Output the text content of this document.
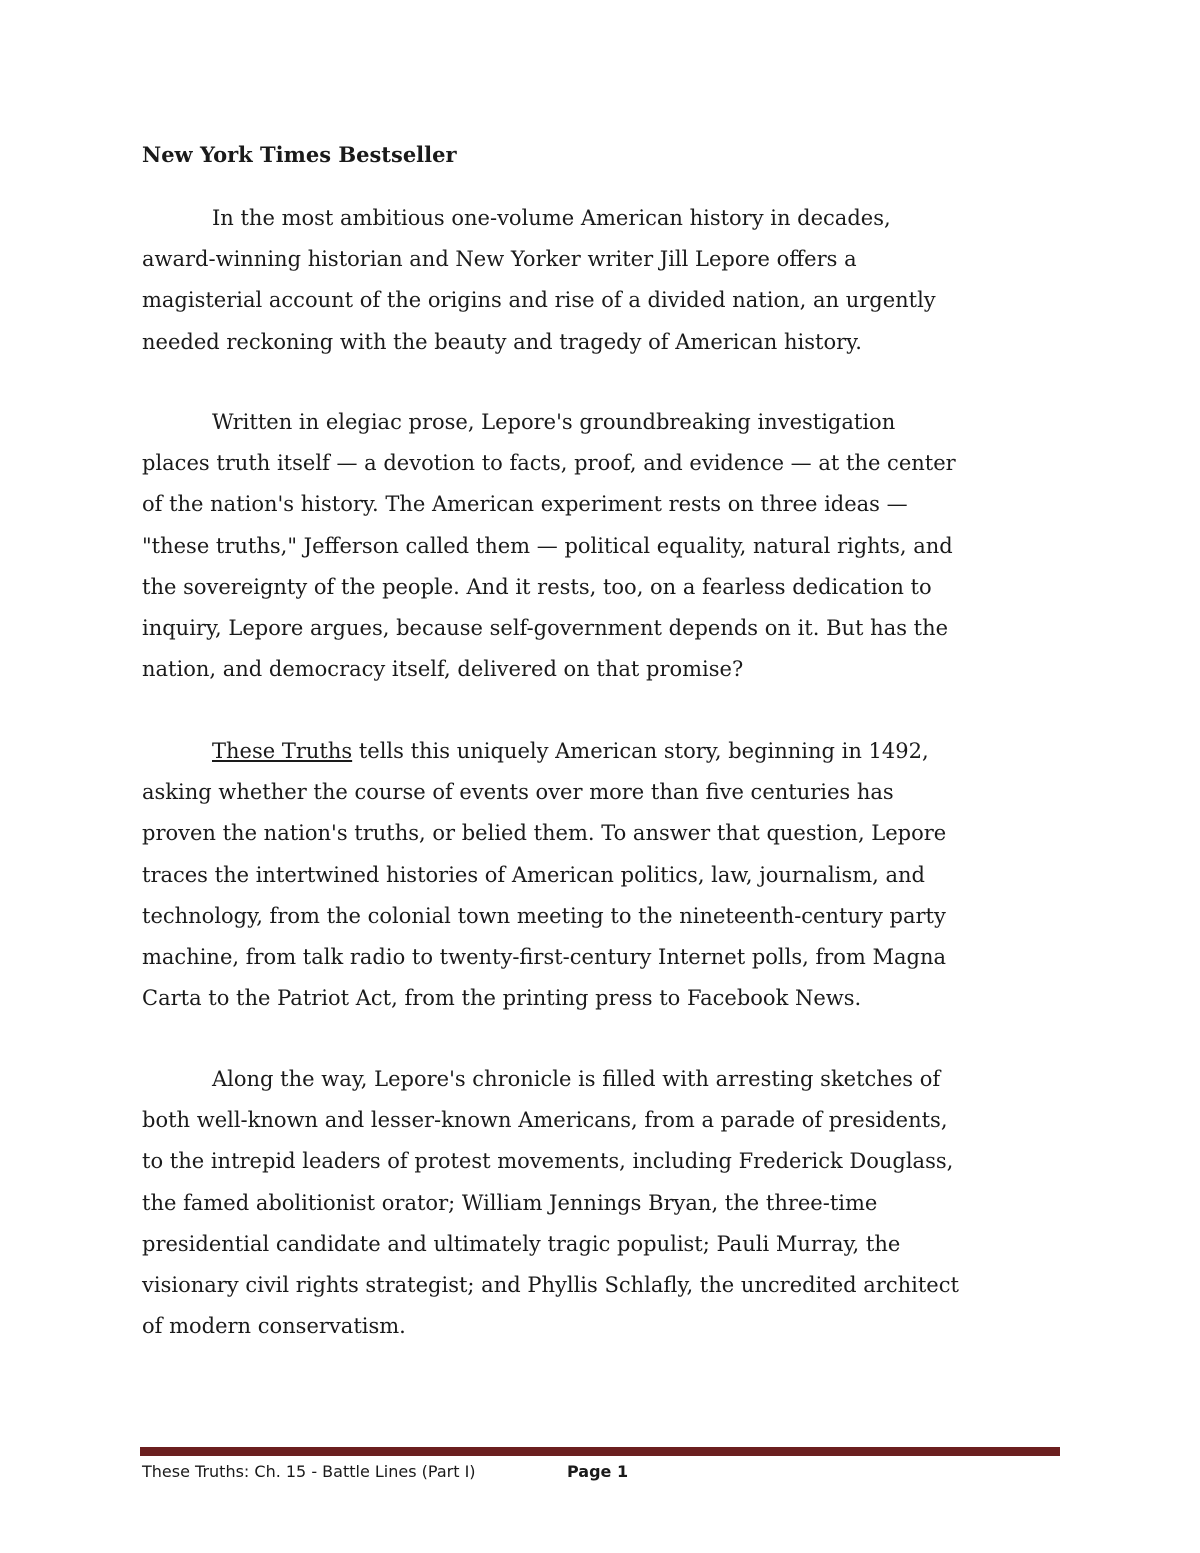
New York Times Bestseller

In the most ambitious one-volume American history in decades,
award-winning historian and New Yorker writer Jill Lepore offers a
magisterial account of the origins and rise of a divided nation, an urgently
needed reckoning with the beauty and tragedy of American history.

Written in elegiac prose, Lepore's groundbreaking investigation
places truth itself — a devotion to facts, proof, and evidence — at the center
of the nation's history. The American experiment rests on three ideas —
"these truths," Jefferson called them — political equality, natural rights, and
the sovereignty of the people. And it rests, too, on a fearless dedication to
inquiry, Lepore argues, because self-government depends on it. But has the
nation, and democracy itself, delivered on that promise?

These Truths tells this uniquely American story, beginning in 1492,
asking whether the course of events over more than five centuries has
proven the nation's truths, or belied them. To answer that question, Lepore
traces the intertwined histories of American politics, law, journalism, and
technology, from the colonial town meeting to the nineteenth-century party
machine, from talk radio to twenty-first-century Internet polls, from Magna
Carta to the Patriot Act, from the printing press to Facebook News.

Along the way, Lepore's chronicle is filled with arresting sketches of
both well-known and lesser-known Americans, from a parade of presidents,
to the intrepid leaders of protest movements, including Frederick Douglass,
the famed abolitionist orator; William Jennings Bryan, the three-time
presidential candidate and ultimately tragic populist; Pauli Murray, the
visionary civil rights strategist; and Phyllis Schlafly, the uncredited architect
of modern conservatism.

These Truths: Ch. 15 - Battle Lines (Part I)	Page 1
